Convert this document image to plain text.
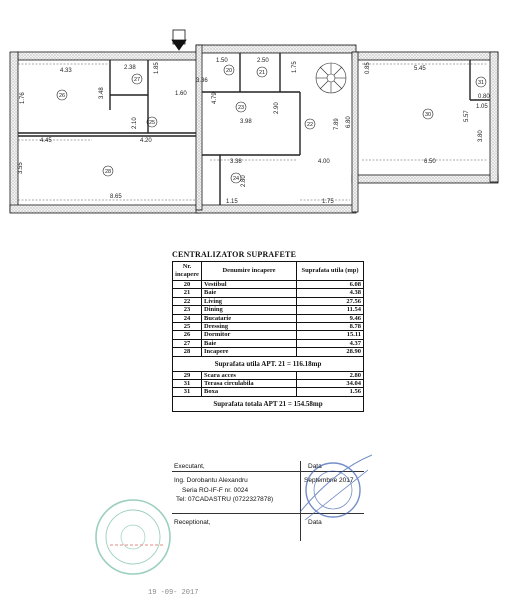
20	21
22
23
24
25
26
27
28
30
31
4.33	2.38	1.85
1.50	2.50
1.75	0.85	5.45
3.36
1.60	4.79
3.98
2.90
7.89 6.80
1.05
0.80
1.76	3.48
2.10
3.55
4.45	4.20
5.57
3.80
3.38
2.80
8.65
4.00	6.50
1.15	1.75
CENTRALIZATOR SUPRAFETE
Nr. incapere	Denumire incapere	Suprafata utila (mp)
20	Vestibul	6.08
21	Baie	4.38
22	Living	27.56
23	Dining	11.54
24	Bucatarie	9.46
25	Dressing	8.78
26	Dormitor	15.11
27	Baie	4.37
28	Incapere	28.90
Suprafata utila APT. 21 = 116.18mp		
29	Scara acces	2.80
31	Terasa circulabila	34.04
31	Boxa	1.56
Suprafata totala APT 21 = 154.58mp		
Executant,	Data
Ing. Dorobantu Alexandru	Septembrie 2017
Seria RO-IF-F nr. 0024
Tel: 07CADASTRU (0722327878)
Receptionat,	Data
19 -09- 2017
